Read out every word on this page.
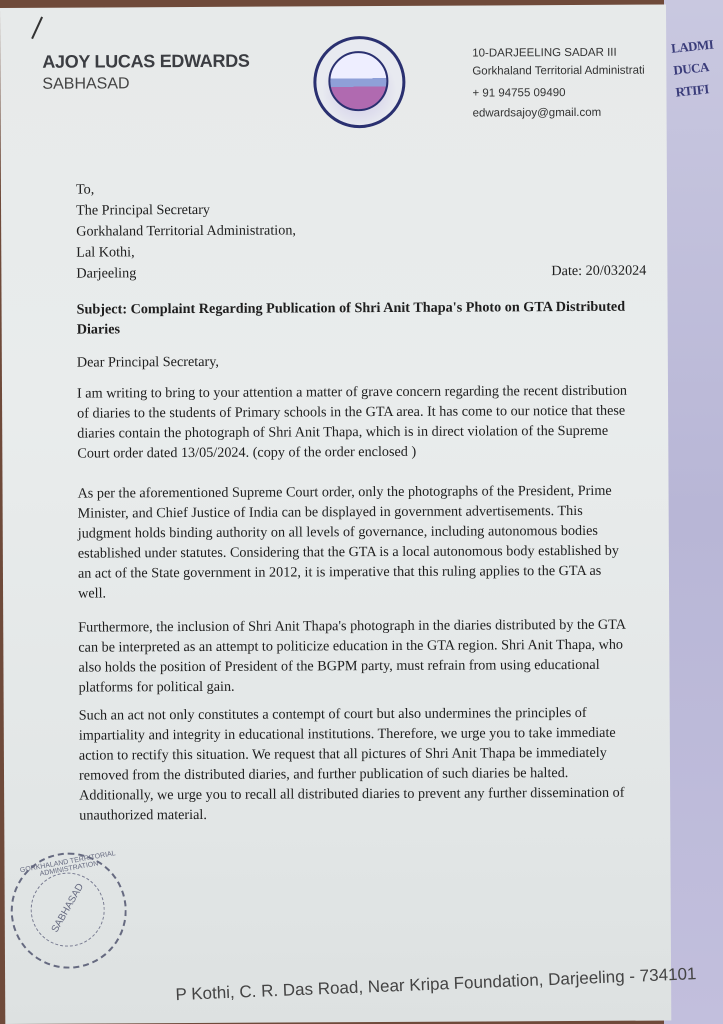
LADMI
DUCA
RTIFI
AJOY LUCAS EDWARDS
SABHASAD
10-DARJEELING SADAR III
Gorkhaland Territorial Administrati
+ 91 94755 09490
edwardsajoy@gmail.com
To,
The Principal Secretary
Gorkhaland Territorial Administration,
Lal Kothi,
Darjeeling	Date: 20/032024
Subject: Complaint Regarding Publication of Shri Anit Thapa's Photo on GTA Distributed
Diaries
Dear Principal Secretary,
I am writing to bring to your attention a matter of grave concern regarding the recent distribution
of diaries to the students of Primary schools in the GTA area. It has come to our notice that these
diaries contain the photograph of Shri Anit Thapa, which is in direct violation of the Supreme
Court order dated 13/05/2024. (copy of the order enclosed )
As per the aforementioned Supreme Court order, only the photographs of the President, Prime
Minister, and Chief Justice of India can be displayed in government advertisements. This
judgment holds binding authority on all levels of governance, including autonomous bodies
established under statutes. Considering that the GTA is a local autonomous body established by
an act of the State government in 2012, it is imperative that this ruling applies to the GTA as
well.
Furthermore, the inclusion of Shri Anit Thapa's photograph in the diaries distributed by the GTA
can be interpreted as an attempt to politicize education in the GTA region. Shri Anit Thapa, who
also holds the position of President of the BGPM party, must refrain from using educational
platforms for political gain.
Such an act not only constitutes a contempt of court but also undermines the principles of
impartiality and integrity in educational institutions. Therefore, we urge you to take immediate
action to rectify this situation. We request that all pictures of Shri Anit Thapa be immediately
removed from the distributed diaries, and further publication of such diaries be halted.
Additionally, we urge you to recall all distributed diaries to prevent any further dissemination of
unauthorized material.
GORKHALAND TERRITORIAL ADMINISTRATION
SABHASAD
P Kothi, C. R. Das Road, Near Kripa Foundation, Darjeeling - 734101
